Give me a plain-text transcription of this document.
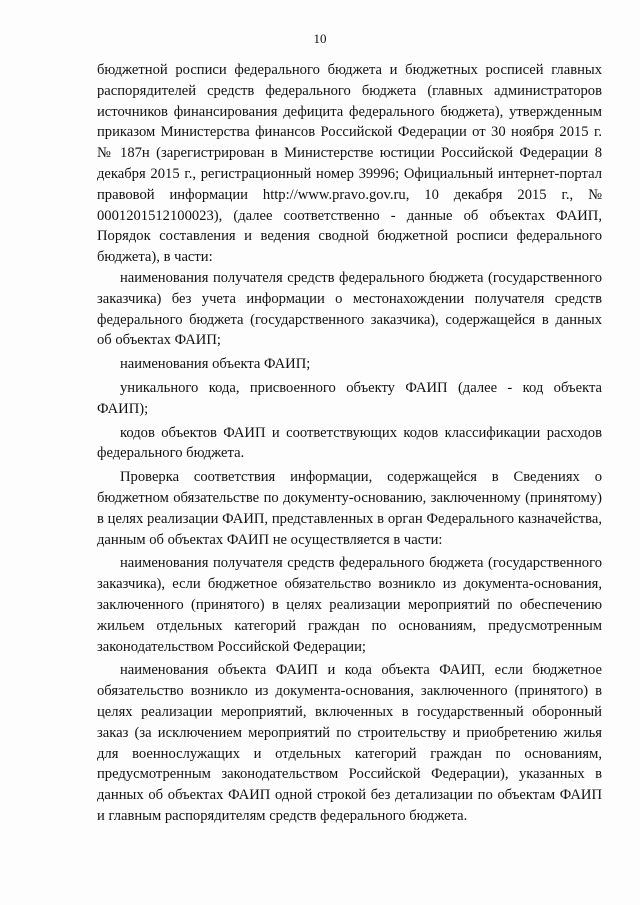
10

бюджетной росписи федерального бюджета и бюджетных росписей главных распорядителей средств федерального бюджета (главных администраторов источников финансирования дефицита федерального бюджета), утвержденным приказом Министерства финансов Российской Федерации от 30 ноября 2015 г. № 187н (зарегистрирован в Министерстве юстиции Российской Федерации 8 декабря 2015 г., регистрационный номер 39996; Официальный интернет-портал правовой информации http://www.pravo.gov.ru, 10 декабря 2015 г., № 0001201512100023), (далее соответственно - данные об объектах ФАИП, Порядок составления и ведения сводной бюджетной росписи федерального бюджета), в части:

наименования получателя средств федерального бюджета (государственного заказчика) без учета информации о местонахождении получателя средств федерального бюджета (государственного заказчика), содержащейся в данных об объектах ФАИП;

наименования объекта ФАИП;

уникального кода, присвоенного объекту ФАИП (далее - код объекта ФАИП);

кодов объектов ФАИП и соответствующих кодов классификации расходов федерального бюджета.

Проверка соответствия информации, содержащейся в Сведениях о бюджетном обязательстве по документу-основанию, заключенному (принятому) в целях реализации ФАИП, представленных в орган Федерального казначейства, данным об объектах ФАИП не осуществляется в части:

наименования получателя средств федерального бюджета (государственного заказчика), если бюджетное обязательство возникло из документа-основания, заключенного (принятого) в целях реализации мероприятий по обеспечению жильем отдельных категорий граждан по основаниям, предусмотренным законодательством Российской Федерации;

наименования объекта ФАИП и кода объекта ФАИП, если бюджетное обязательство возникло из документа-основания, заключенного (принятого) в целях реализации мероприятий, включенных в государственный оборонный заказ (за исключением мероприятий по строительству и приобретению жилья для военнослужащих и отдельных категорий граждан по основаниям, предусмотренным законодательством Российской Федерации), указанных в данных об объектах ФАИП одной строкой без детализации по объектам ФАИП и главным распорядителям средств федерального бюджета.
